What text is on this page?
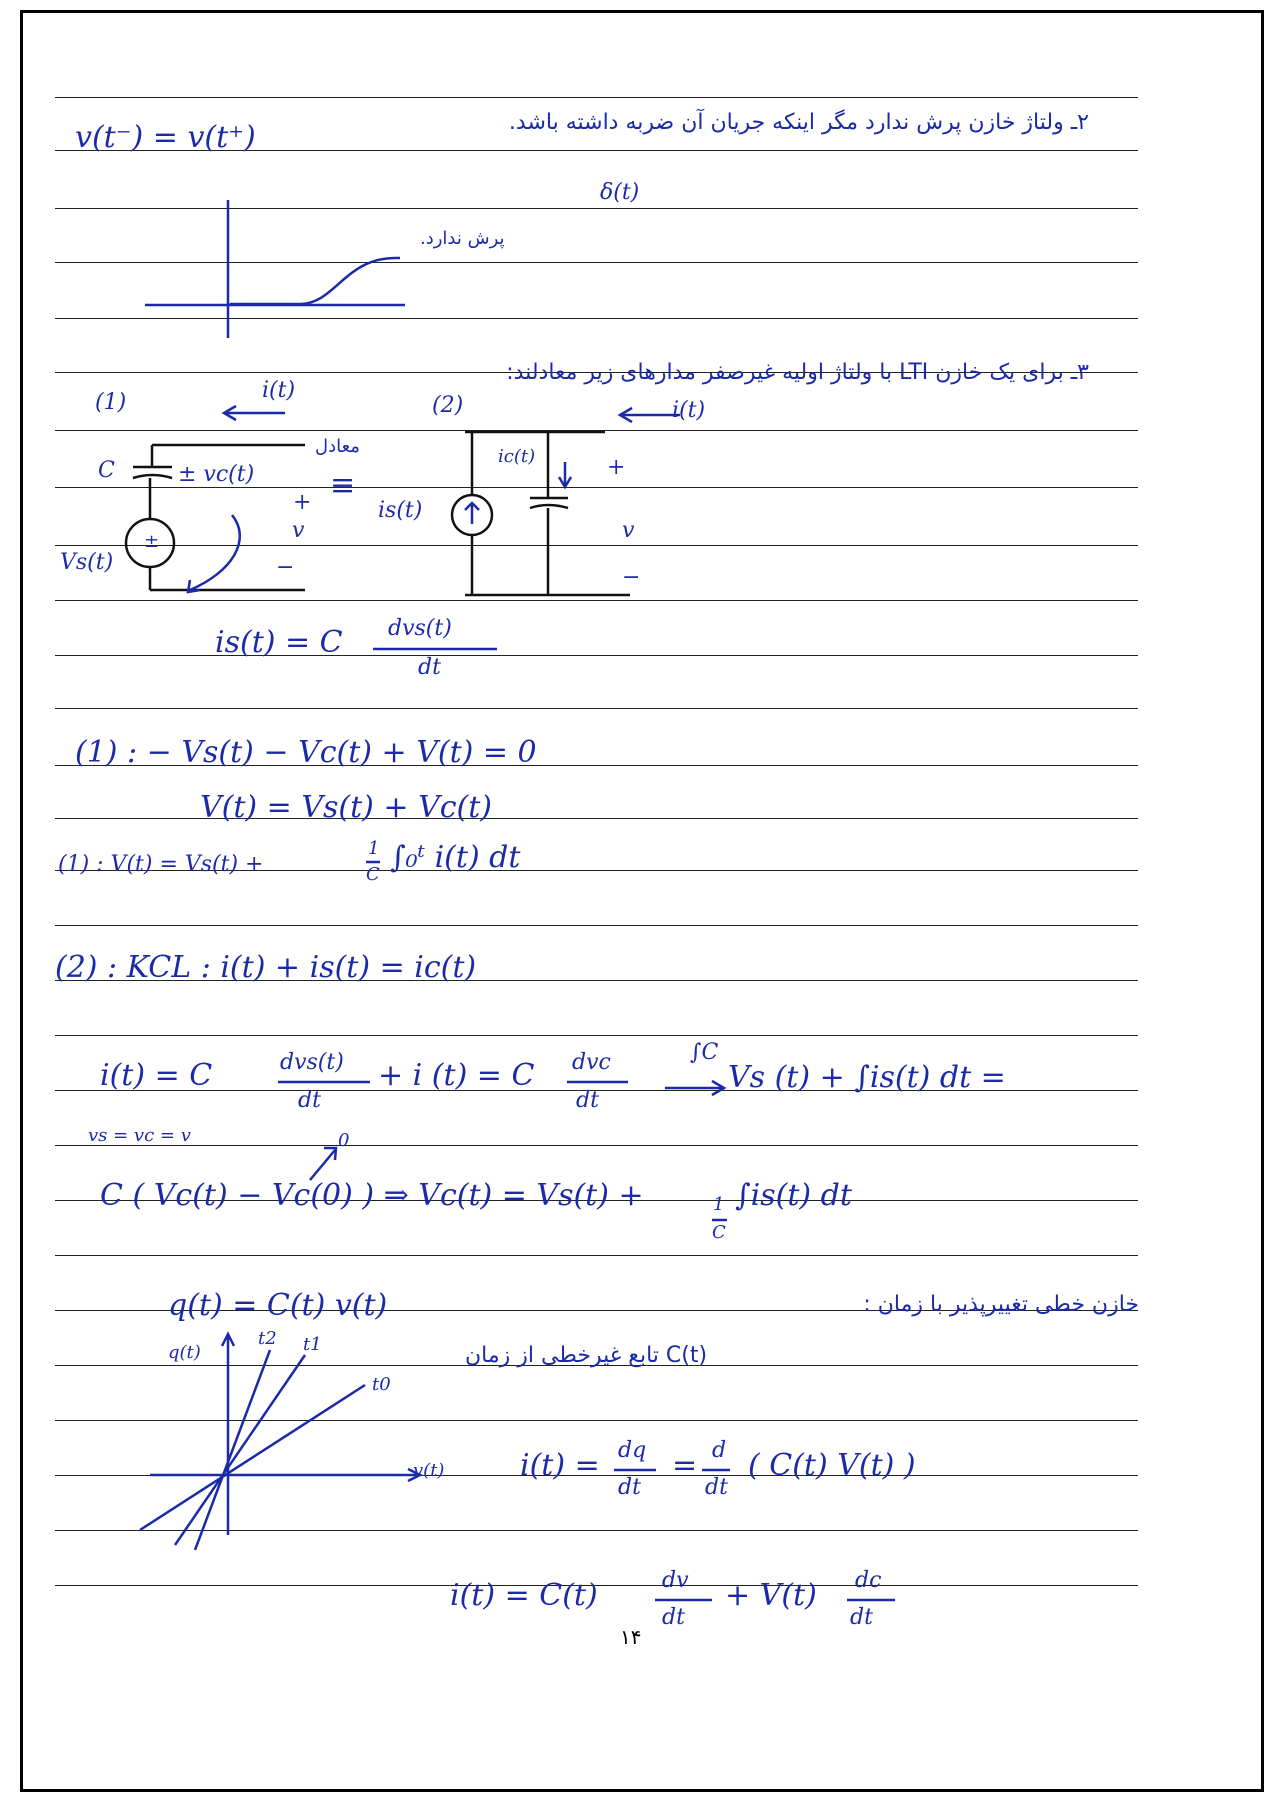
۲ـ ولتاژ خازن پرش ندارد مگر اینکه جریان آن ضربه داشته باشد.
v(t⁻) = v(t⁺)
δ(t)
پرش ندارد.
۳ـ برای یک خازن LTI با ولتاژ اولیه غیرصفر مدارهای زیر معادلند:
(1)	i(t)
C	± vc(t)
+
v
−
Vs(t)
±
معادل
≡
(2)	i(t)
ic(t)
is(t)
+
v
−
is(t) = C dvs(t)
dt
(1) : − Vs(t) − Vc(t) + V(t) = 0
V(t) = Vs(t) + Vc(t)
(1) : V(t) = Vs(t) +
1
C ∫₀ᵗ i(t) dt
(2) : KCL : i(t) + is(t) = ic(t)
i(t) = C	dvs(t)
dt
+ i (t) = C dvc
dt
∫C
Vs (t) + ∫is(t) dt =
vs = vc = v	0
C ( Vc(t) − Vc(0) ) ⇒ Vc(t) = Vs(t) +	1
C
∫is(t) dt
q(t) = C(t) v(t)	خازن خطی تغییرپذیر با زمان :
C(t) تابع غیرخطی از زمان
q(t)
v(t)
t2 t1
t0
i(t) = dq
dt
= d
dt
( C(t) V(t) )
i(t) = C(t)	dv
dt
+ V(t) dc
dt
۱۴
